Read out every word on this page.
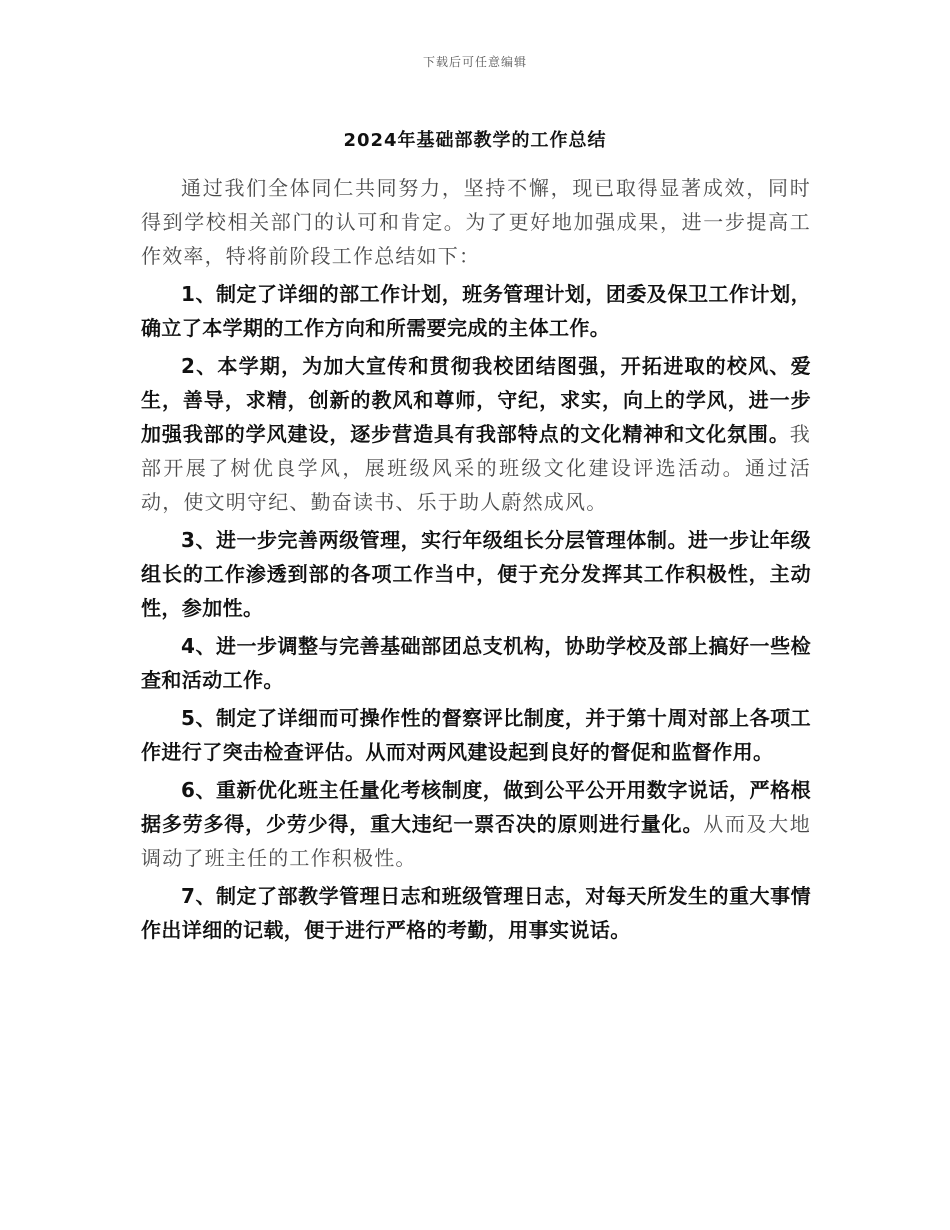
下载后可任意编辑
2024年基础部教学的工作总结

通过我们全体同仁共同努力，坚持不懈，现已取得显著成效，同时得到学校相关部门的认可和肯定。为了更好地加强成果，进一步提高工作效率，特将前阶段工作总结如下：

1、制定了详细的部工作计划，班务管理计划，团委及保卫工作计划，确立了本学期的工作方向和所需要完成的主体工作。

2、本学期，为加大宣传和贯彻我校团结图强，开拓进取的校风、爱生，善导，求精，创新的教风和尊师，守纪，求实，向上的学风，进一步加强我部的学风建设，逐步营造具有我部特点的文化精神和文化氛围。我部开展了树优良学风，展班级风采的班级文化建设评选活动。通过活动，使文明守纪、勤奋读书、乐于助人蔚然成风。

3、进一步完善两级管理，实行年级组长分层管理体制。进一步让年级组长的工作渗透到部的各项工作当中，便于充分发挥其工作积极性，主动性，参加性。

4、进一步调整与完善基础部团总支机构，协助学校及部上搞好一些检查和活动工作。

5、制定了详细而可操作性的督察评比制度，并于第十周对部上各项工作进行了突击检查评估。从而对两风建设起到良好的督促和监督作用。

6、重新优化班主任量化考核制度，做到公平公开用数字说话，严格根据多劳多得，少劳少得，重大违纪一票否决的原则进行量化。从而及大地调动了班主任的工作积极性。

7、制定了部教学管理日志和班级管理日志，对每天所发生的重大事情作出详细的记载，便于进行严格的考勤，用事实说话。
